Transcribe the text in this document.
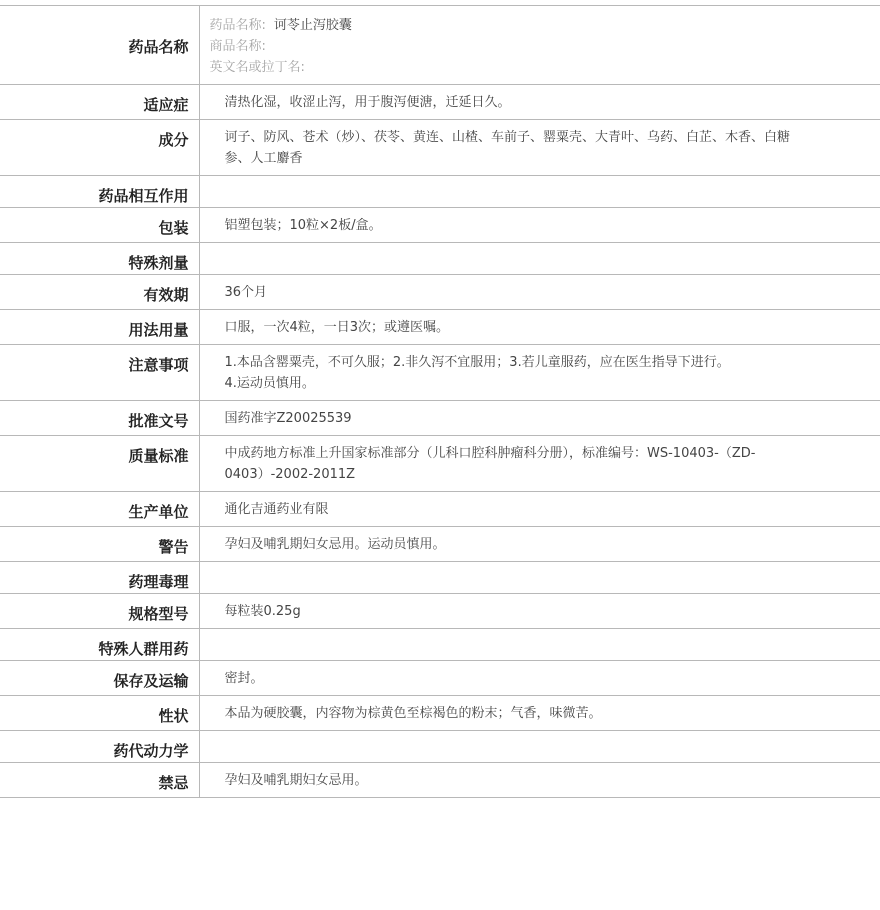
药品名称	药品名称: 诃苓止泻胶囊
商品名称:
英文名或拉丁名:

适应症	清热化湿，收涩止泻，用于腹泻便溏，迁延日久。
成分	诃子、防风、苍术（炒）、茯苓、黄连、山楂、车前子、罂粟壳、大青叶、乌药、白芷、木香、白糖参、人工麝香
药品相互作用	
包装	铝塑包装；10粒×2板/盒。
特殊剂量	
有效期	36个月
用法用量	口服，一次4粒，一日3次；或遵医嘱。
注意事项	1.本品含罂粟壳，不可久服；2.非久泻不宜服用；3.若儿童服药，应在医生指导下进行。
4.运动员慎用。

批准文号	国药准字Z20025539
质量标准	中成药地方标准上升国家标准部分（儿科口腔科肿瘤科分册），标准编号：WS-10403-（ZD-0403）-2002-2011Z
生产单位	通化吉通药业有限
警告	孕妇及哺乳期妇女忌用。运动员慎用。
药理毒理	
规格型号	每粒装0.25g
特殊人群用药	
保存及运输	密封。
性状	本品为硬胶囊，内容物为棕黄色至棕褐色的粉末；气香，味微苦。
药代动力学	
禁忌	孕妇及哺乳期妇女忌用。
